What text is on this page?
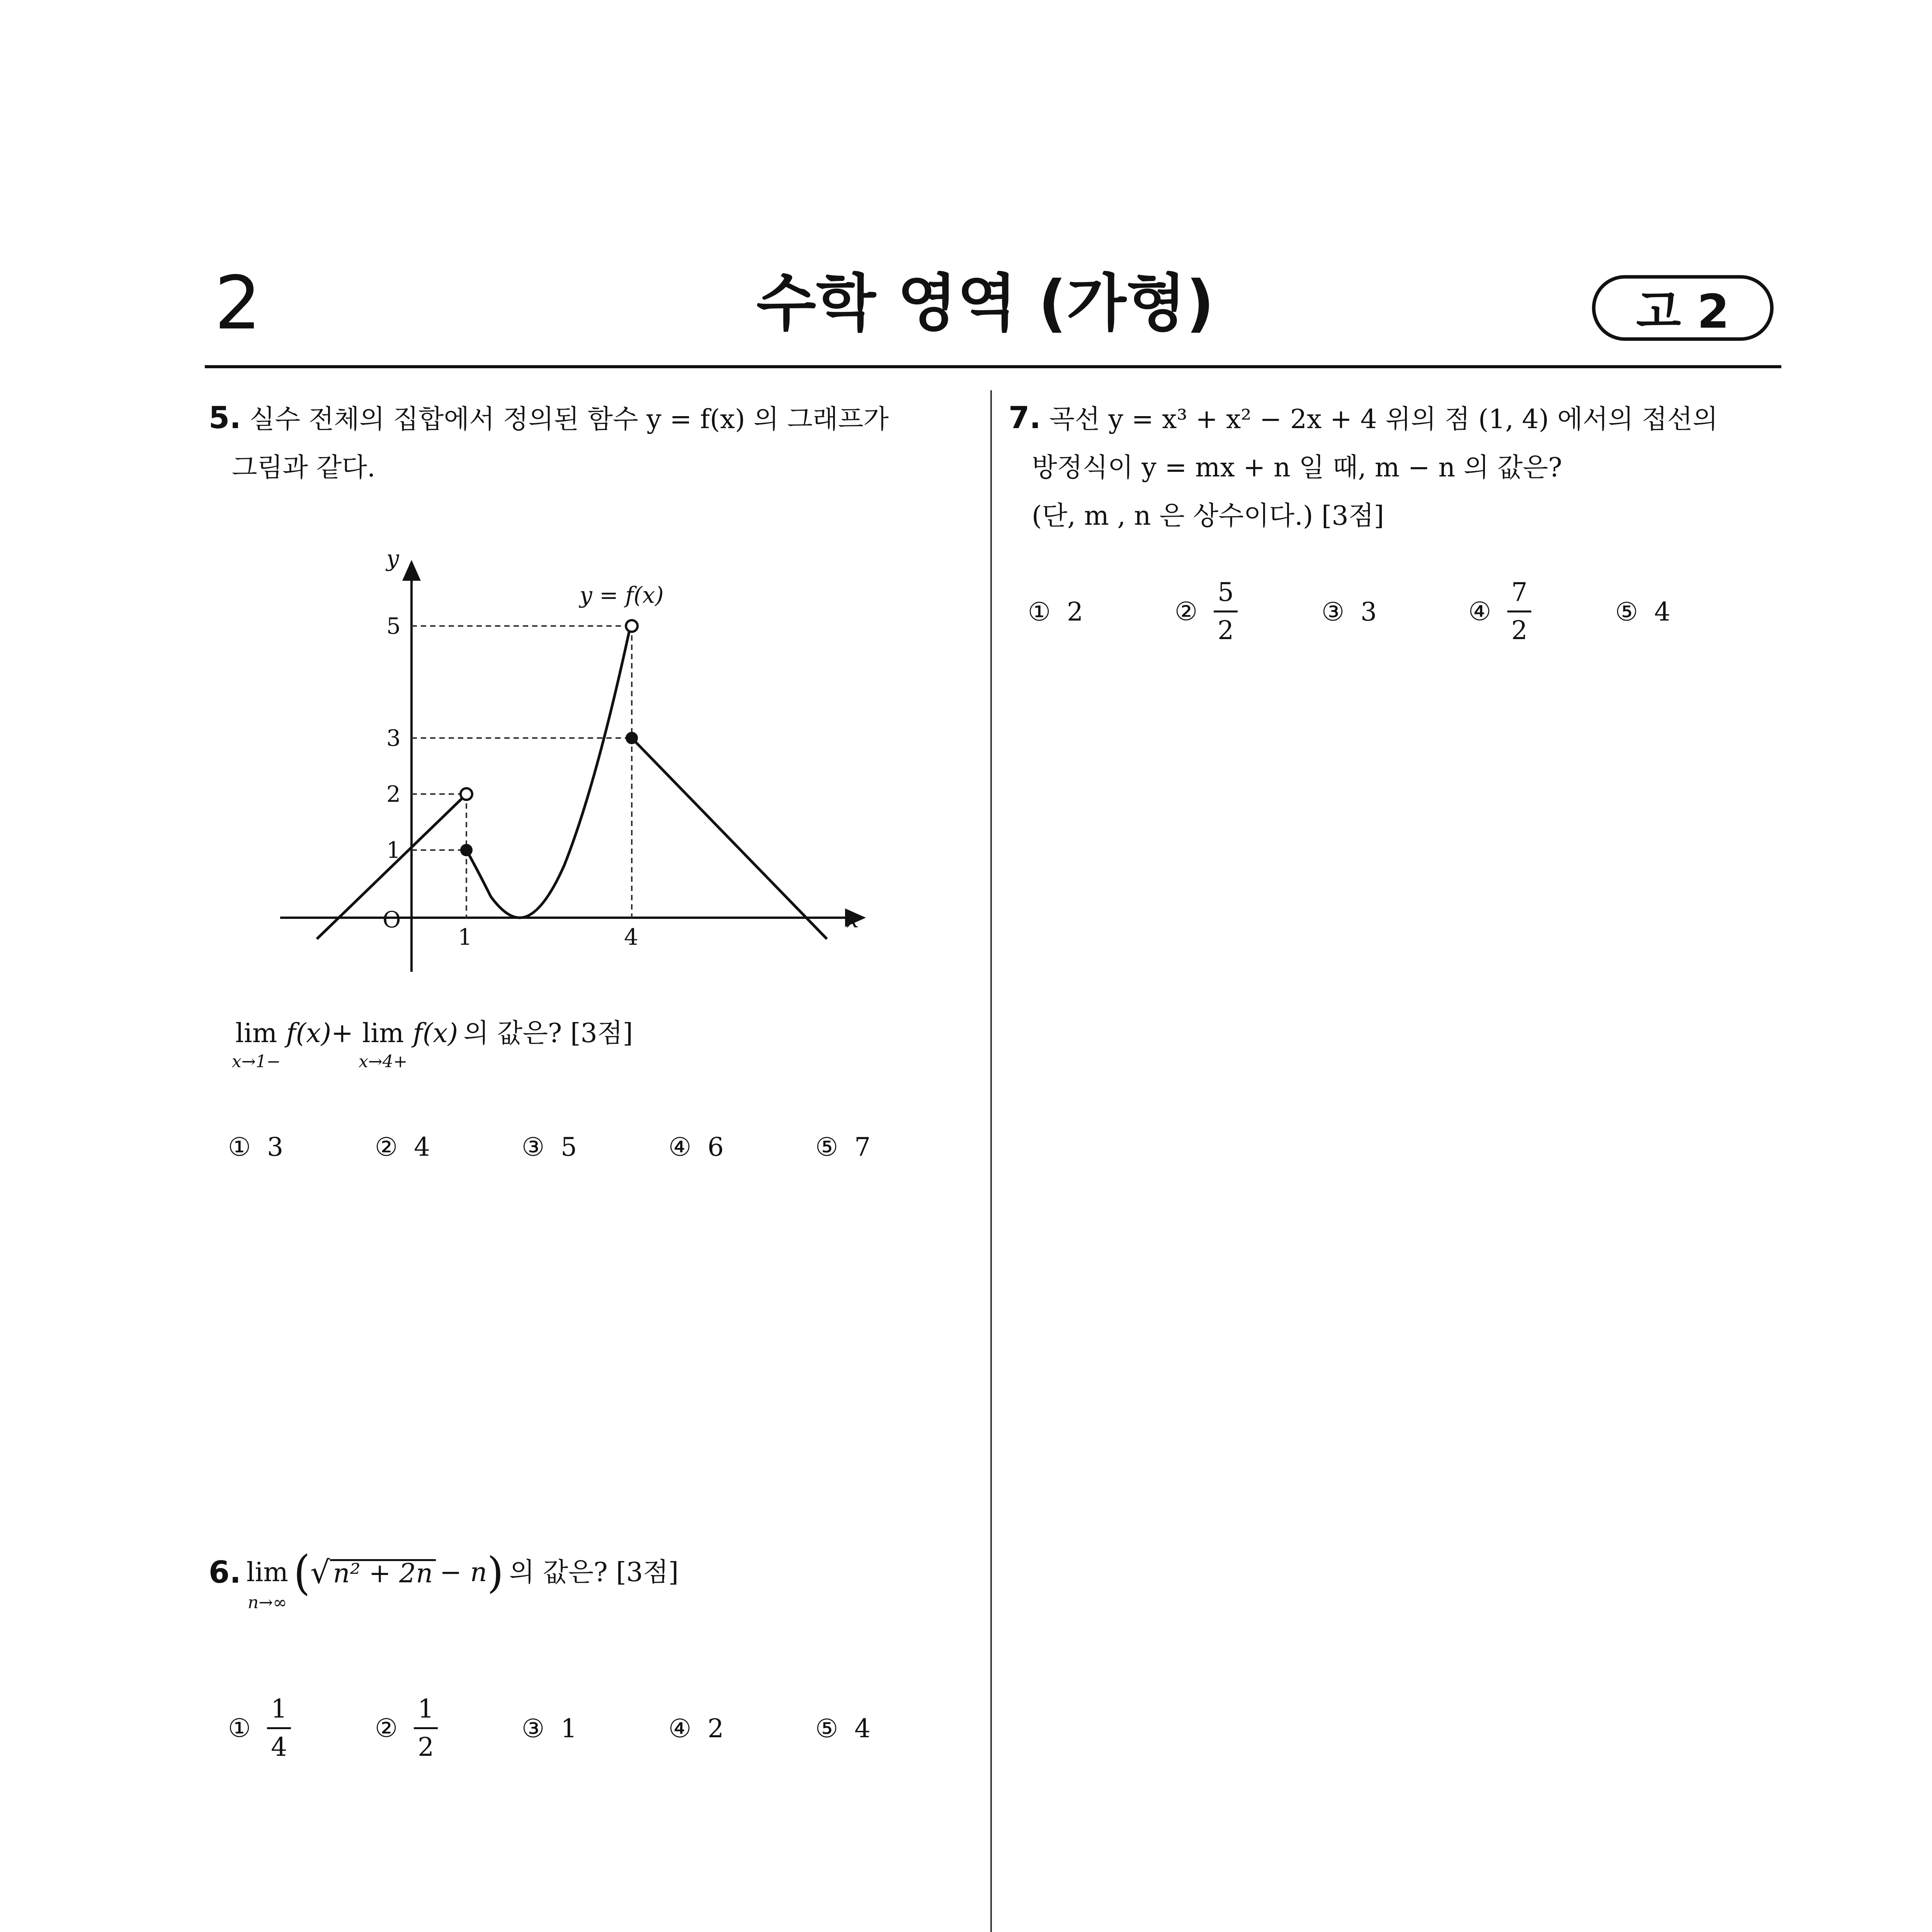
2	수학 영역 (가형)	고 2
5. 실수 전체의 집합에서 정의된 함수 y = f(x) 의 그래프가
그림과 같다.
y
x
O
y = f(x)
5
3
2
1
1	4
lim
x→1−
f(x)+ lim
x→4+
f(x) 의 값은? [3점]
① 3	② 4	③ 5	④ 6	⑤ 7
6. lim
n→∞
( √ n² + 2n − n ) 의 값은? [3점]
① $\frac{1}{4}$	② $\frac{1}{2}$	③ 1	④ 2	⑤ 4
7. 곡선 y = x³ + x² − 2x + 4 위의 점 (1, 4) 에서의 접선의
방정식이 y = mx + n 일 때, m − n 의 값은?
(단, m , n 은 상수이다.) [3점]
① 2	② $\frac{5}{2}$	③ 3	④ $\frac{7}{2}$	⑤ 4
